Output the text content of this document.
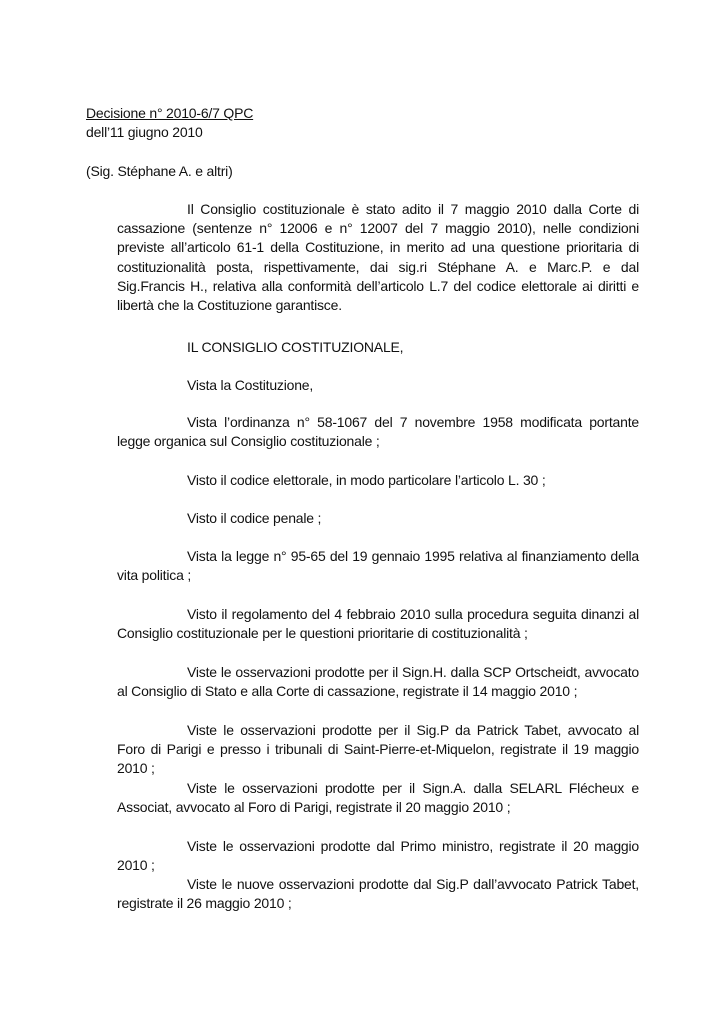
Decisione n° 2010-6/7 QPC
dell’11 giugno 2010
(Sig. Stéphane A. e altri)
Il Consiglio costituzionale è stato adito il 7 maggio 2010 dalla Corte di cassazione (sentenze n° 12006 e n° 12007 del 7 maggio 2010), nelle condizioni previste all’articolo 61-1 della Costituzione, in merito ad una questione prioritaria di costituzionalità posta, rispettivamente, dai sig.ri Stéphane A. e Marc.P. e dal Sig.Francis H., relativa alla conformità dell’articolo L.7 del codice elettorale ai diritti e libertà che la Costituzione garantisce.
IL CONSIGLIO COSTITUZIONALE,
Vista la Costituzione,
Vista l’ordinanza n° 58-1067 del 7 novembre 1958 modificata portante legge organica sul Consiglio costituzionale ;
Visto il codice elettorale, in modo particolare l’articolo L. 30 ;
Visto il codice penale ;
Vista la legge n° 95-65 del 19 gennaio 1995 relativa al finanziamento della vita politica ;
Visto il regolamento del 4 febbraio 2010 sulla procedura seguita dinanzi al Consiglio costituzionale per le questioni prioritarie di costituzionalità ;
Viste le osservazioni prodotte per il Sign.H. dalla SCP Ortscheidt, avvocato al Consiglio di Stato e alla Corte di cassazione, registrate il 14 maggio 2010 ;
Viste le osservazioni prodotte per il Sig.P da Patrick Tabet, avvocato al Foro di Parigi e presso i tribunali di Saint-Pierre-et-Miquelon, registrate il 19 maggio 2010 ;
Viste le osservazioni prodotte per il Sign.A. dalla SELARL Flécheux e Associat, avvocato al Foro di Parigi, registrate il 20 maggio 2010 ;
Viste le osservazioni prodotte dal Primo ministro, registrate il 20 maggio 2010 ;
Viste le nuove osservazioni prodotte dal Sig.P dall’avvocato Patrick Tabet, registrate il 26 maggio 2010 ;
